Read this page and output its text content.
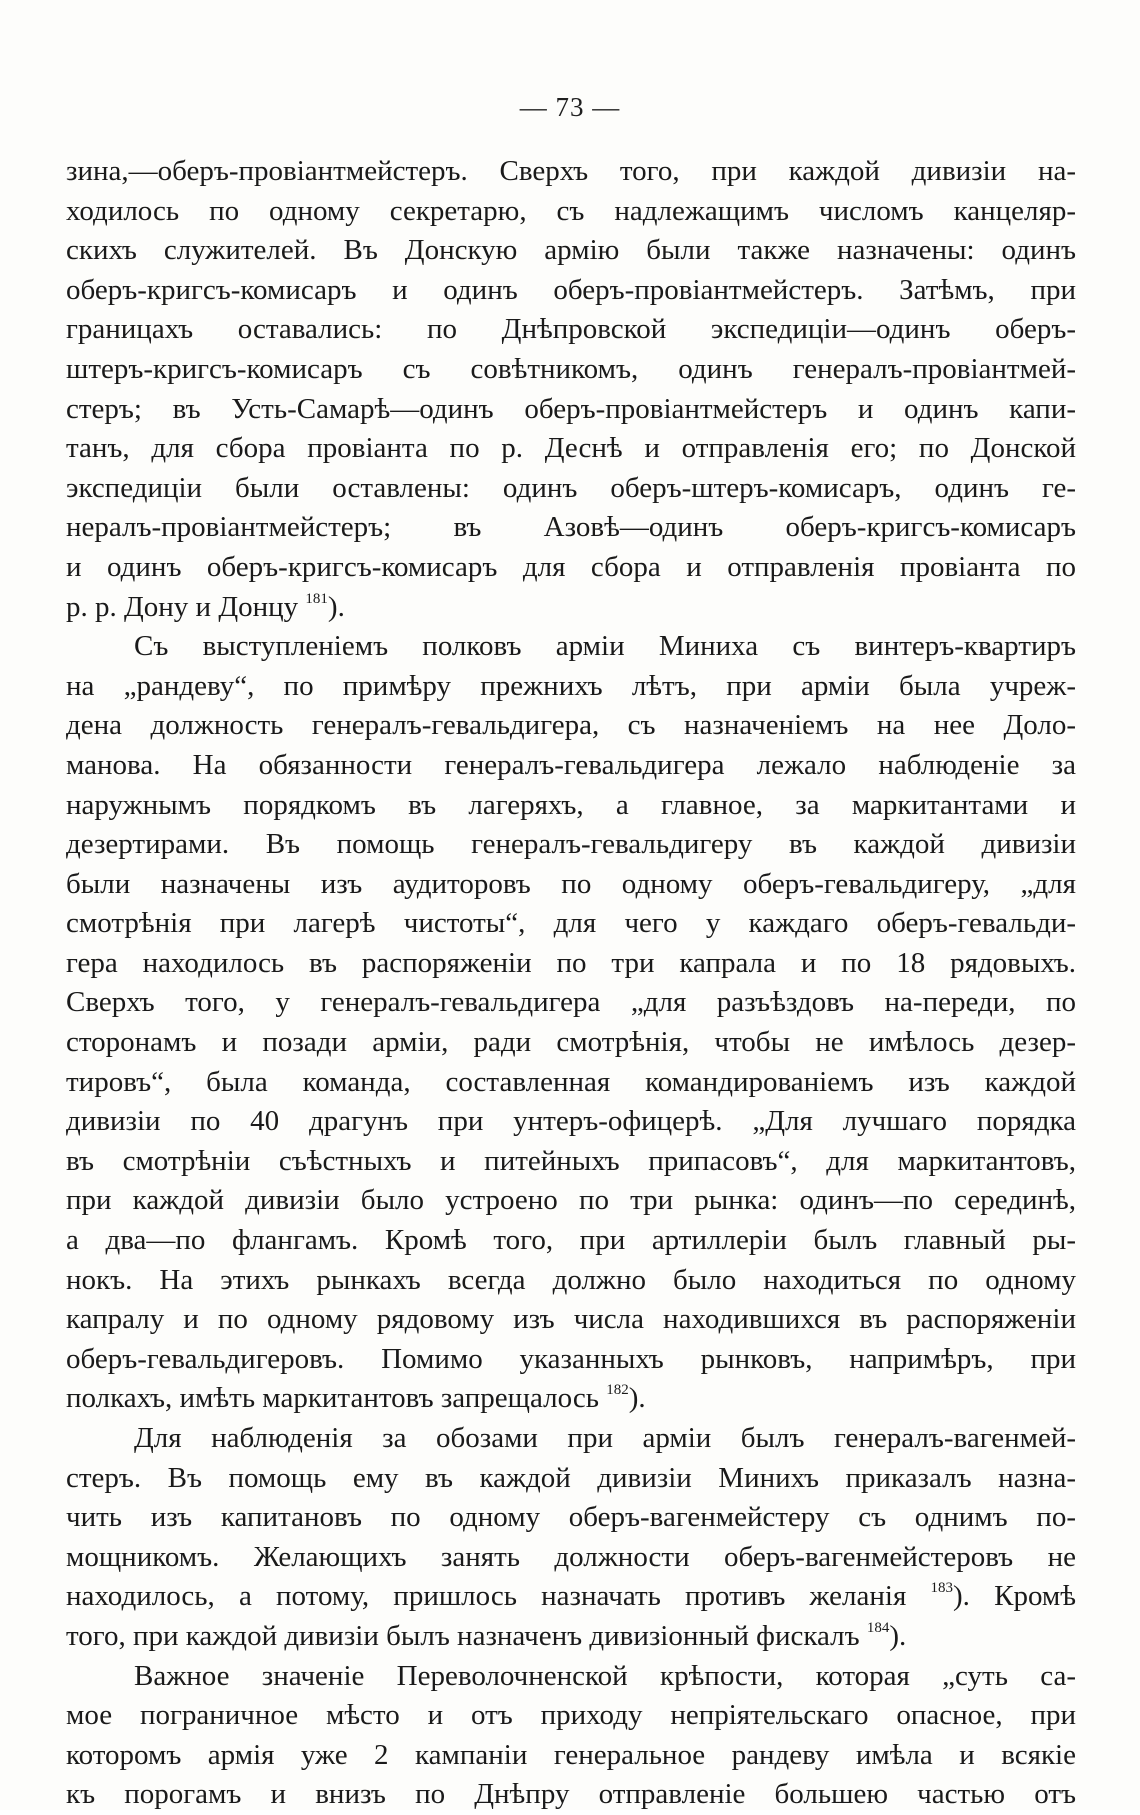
— 73 —
зина,—оберъ-провіантмейстеръ. Сверхъ того, при каждой дивизіи на-
ходилось по одному секретарю, съ надлежащимъ числомъ канцеляр-
скихъ служителей. Въ Донскую армію были также назначены: одинъ
оберъ-кригсъ-комисаръ и одинъ оберъ-провіантмейстеръ. Затѣмъ, при
границахъ оставались: по Днѣпровской экспедиціи—одинъ оберъ-
штеръ-кригсъ-комисаръ съ совѣтникомъ, одинъ генералъ-провіантмей-
стеръ; въ Усть-Самарѣ—одинъ оберъ-провіантмейстеръ и одинъ капи-
танъ, для сбора провіанта по р. Деснѣ и отправленія его; по Донской
экспедиціи были оставлены: одинъ оберъ-штеръ-комисаръ, одинъ ге-
нералъ-провіантмейстеръ; въ Азовѣ—одинъ оберъ-кригсъ-комисаръ
и одинъ оберъ-кригсъ-комисаръ для сбора и отправленія провіанта по
р. р. Дону и Донцу $^{181}$).
Съ выступленіемъ полковъ арміи Миниха съ винтеръ-квартиръ
на „рандеву“, по примѣру прежнихъ лѣтъ, при арміи была учреж-
дена должность генералъ-гевальдигера, съ назначеніемъ на нее Доло-
манова. На обязанности генералъ-гевальдигера лежало наблюденіе за
наружнымъ порядкомъ въ лагеряхъ, а главное, за маркитантами и
дезертирами. Въ помощь генералъ-гевальдигеру въ каждой дивизіи
были назначены изъ аудиторовъ по одному оберъ-гевальдигеру, „для
смотрѣнія при лагерѣ чистоты“, для чего у каждаго оберъ-гевальди-
гера находилось въ распоряженіи по три капрала и по 18 рядовыхъ.
Сверхъ того, у генералъ-гевальдигера „для разъѣздовъ на-переди, по
сторонамъ и позади арміи, ради смотрѣнія, чтобы не имѣлось дезер-
тировъ“, была команда, составленная командированіемъ изъ каждой
дивизіи по 40 драгунъ при унтеръ-офицерѣ. „Для лучшаго порядка
въ смотрѣніи съѣстныхъ и питейныхъ припасовъ“, для маркитантовъ,
при каждой дивизіи было устроено по три рынка: одинъ—по серединѣ,
а два—по флангамъ. Кромѣ того, при артиллеріи былъ главный ры-
нокъ. На этихъ рынкахъ всегда должно было находиться по одному
капралу и по одному рядовому изъ числа находившихся въ распоряженіи
оберъ-гевальдигеровъ. Помимо указанныхъ рынковъ, напримѣръ, при
полкахъ, имѣть маркитантовъ запрещалось $^{182}$).
Для наблюденія за обозами при арміи былъ генералъ-вагенмей-
стеръ. Въ помощь ему въ каждой дивизіи Минихъ приказалъ назна-
чить изъ капитановъ по одному оберъ-вагенмейстеру съ однимъ по-
мощникомъ. Желающихъ занять должности оберъ-вагенмейстеровъ не
находилось, а потому, пришлось назначать противъ желанія $^{183}$). Кромѣ
того, при каждой дивизіи былъ назначенъ дивизіонный фискалъ $^{184}$).
Важное значеніе Переволочненской крѣпости, которая „суть са-
мое пограничное мѣсто и отъ приходу непріятельскаго опасное, при
которомъ армія уже 2 кампаніи генеральное рандеву имѣла и всякіе
къ порогамъ и внизъ по Днѣпру отправленіе большею частью отъ
